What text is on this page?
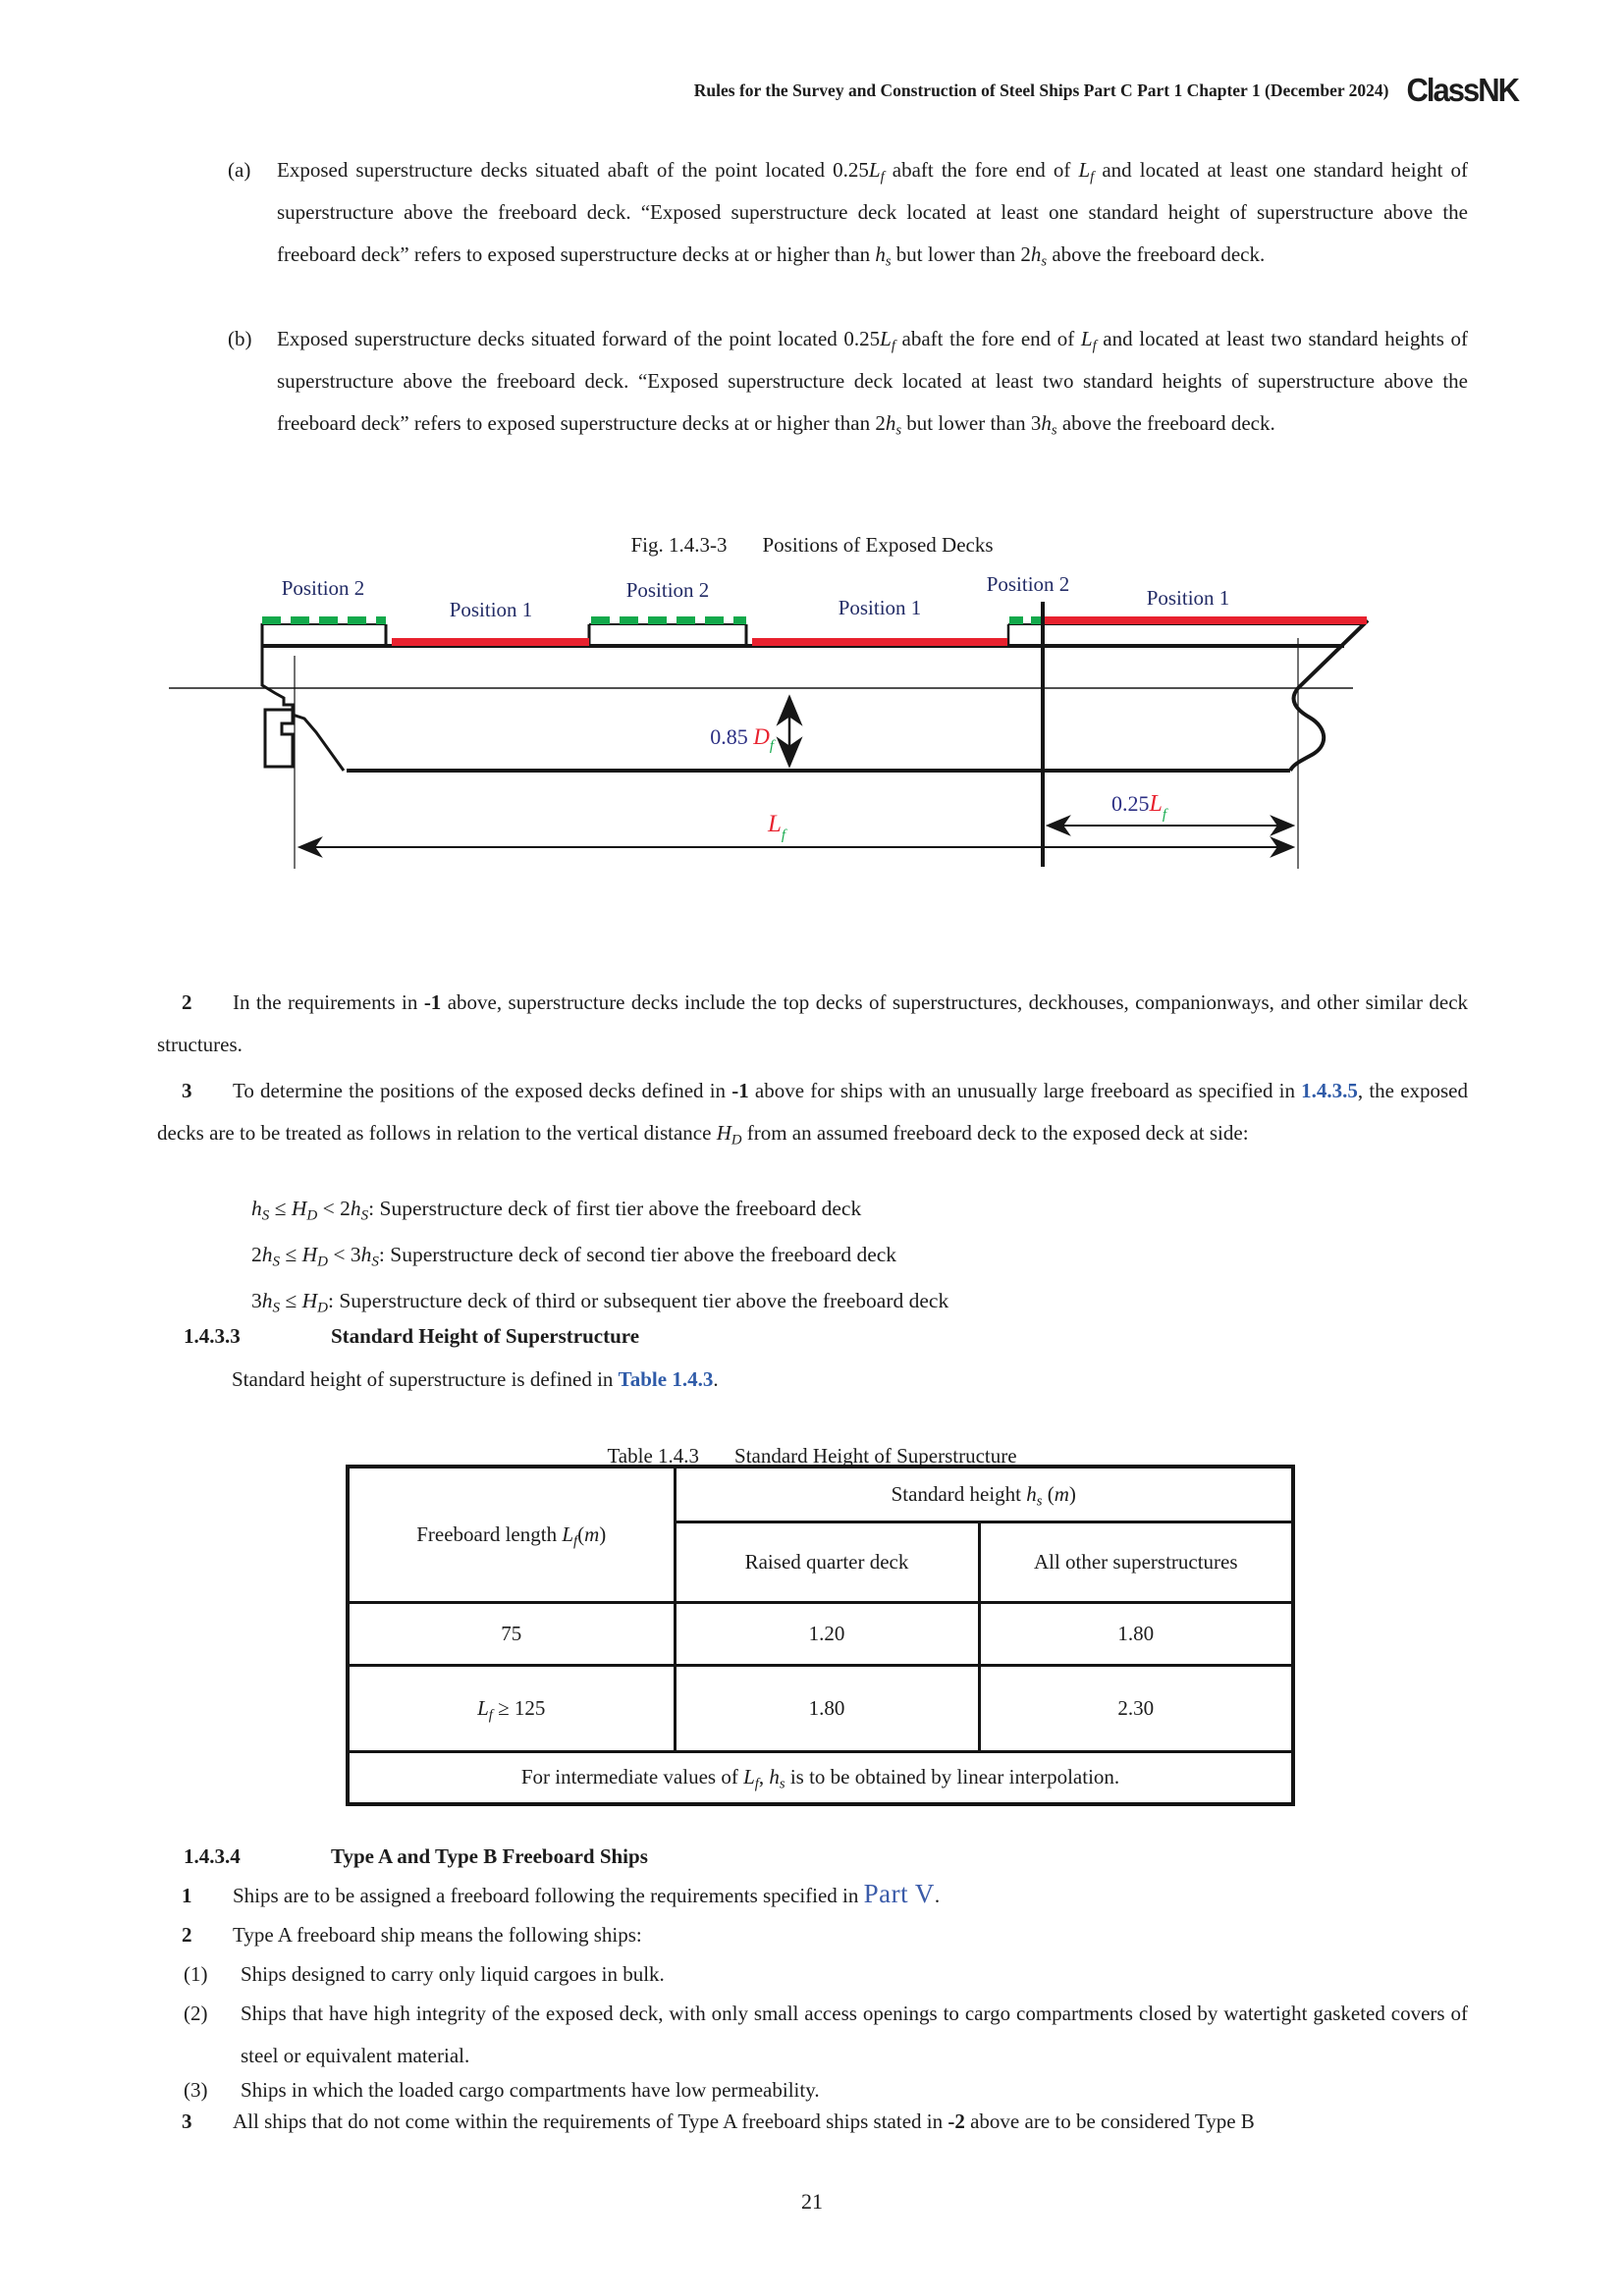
Rules for the Survey and Construction of Steel Ships Part C Part 1 Chapter 1 (December 2024) ClassNK
(a) Exposed superstructure decks situated abaft of the point located $0.25L_f$ abaft the fore end of $L_f$ and located at least one standard height of superstructure above the freeboard deck. “Exposed superstructure deck located at least one standard height of superstructure above the freeboard deck” refers to exposed superstructure decks at or higher than $h_s$ but lower than $2h_s$ above the freeboard deck.
(b) Exposed superstructure decks situated forward of the point located $0.25L_f$ abaft the fore end of $L_f$ and located at least two standard heights of superstructure above the freeboard deck. “Exposed superstructure deck located at least two standard heights of superstructure above the freeboard deck” refers to exposed superstructure decks at or higher than $2h_s$ but lower than $3h_s$ above the freeboard deck.
Fig. 1.4.3-3 Positions of Exposed Decks
Position 2
Position 1
Position 2
Position 1
Position 2
Position 1
0.85 $D_f$
$L_f$
$0.25L_f$
2 In the requirements in -1 above, superstructure decks include the top decks of superstructures, deckhouses, companionways, and other similar deck structures.
3 To determine the positions of the exposed decks defined in -1 above for ships with an unusually large freeboard as specified in 1.4.3.5, the exposed decks are to be treated as follows in relation to the vertical distance $H_D$ from an assumed freeboard deck to the exposed deck at side:
$h_S \le H_D < 2h_S$: Superstructure deck of first tier above the freeboard deck
$2h_S \le H_D < 3h_S$: Superstructure deck of second tier above the freeboard deck
$3h_S \le H_D$: Superstructure deck of third or subsequent tier above the freeboard deck
1.4.3.3	Standard Height of Superstructure
Standard height of superstructure is defined in Table 1.4.3.
Table 1.4.3 Standard Height of Superstructure
Freeboard length $L_f(m)$	Standard height $h_s$ (m)	
	Raised quarter deck	All other superstructures
75	1.20	1.80
$L_f \ge 125$	1.80	2.30
For intermediate values of $L_f$, $h_s$ is to be obtained by linear interpolation.		
1.4.3.4	Type A and Type B Freeboard Ships
1 Ships are to be assigned a freeboard following the requirements specified in Part V.
2 Type A freeboard ship means the following ships:
(1) Ships designed to carry only liquid cargoes in bulk.
(2) Ships that have high integrity of the exposed deck, with only small access openings to cargo compartments closed by watertight gasketed covers of steel or equivalent material.
(3) Ships in which the loaded cargo compartments have low permeability.
3 All ships that do not come within the requirements of Type A freeboard ships stated in -2 above are to be considered Type B
21
